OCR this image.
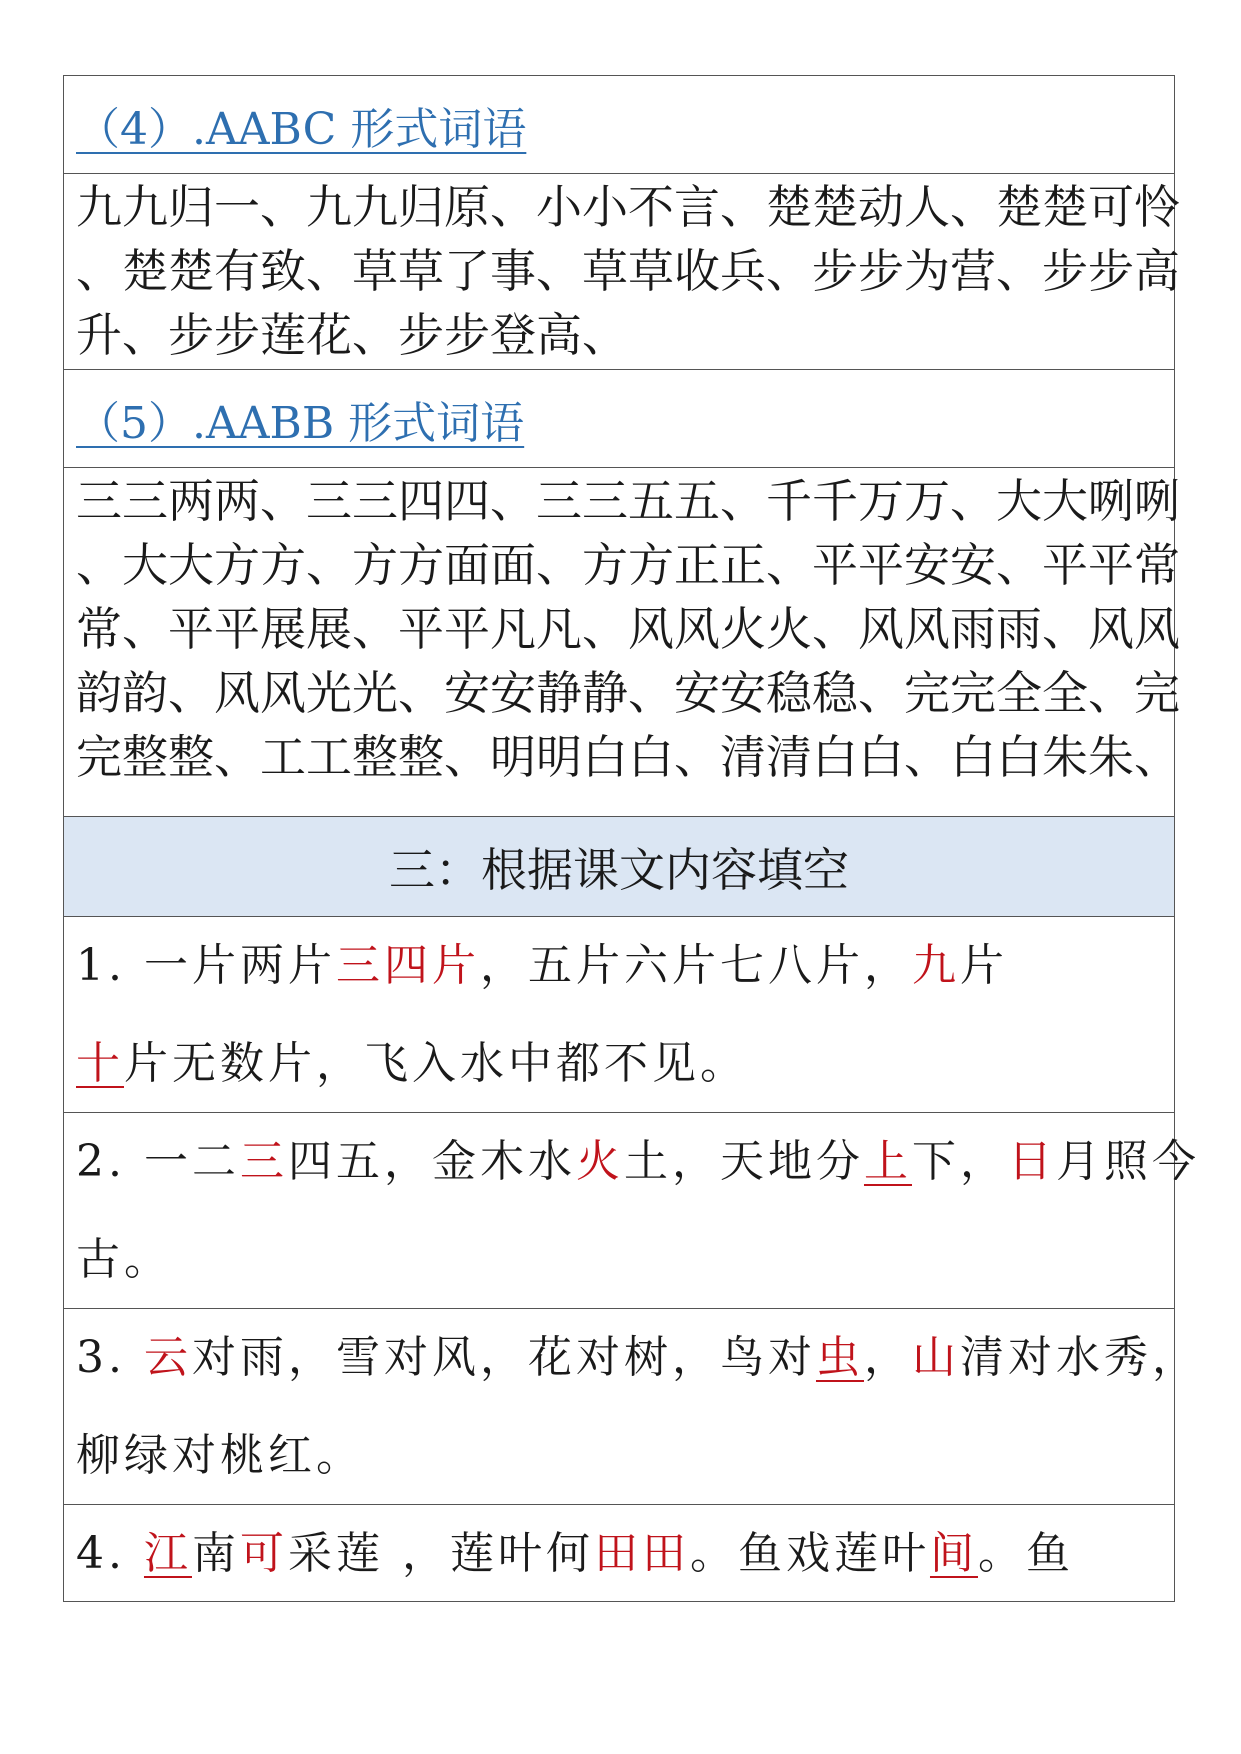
（4）.AABC 形式词语
九九归一、九九归原、小小不言、楚楚动人、楚楚可怜
、楚楚有致、草草了事、草草收兵、步步为营、步步高
升、步步莲花、步步登高、
（5）.AABB 形式词语
三三两两、三三四四、三三五五、千千万万、大大咧咧
、大大方方、方方面面、方方正正、平平安安、平平常
常、平平展展、平平凡凡、风风火火、风风雨雨、风风
韵韵、风风光光、安安静静、安安稳稳、完完全全、完
完整整、工工整整、明明白白、清清白白、白白朱朱、
三：根据课文内容填空
1. 一片两片三四片，五片六片七八片，九片
十片无数片，飞入水中都不见。
2. 一二三四五，金木水火土，天地分上下，日月照今
古。
3. 云对雨，雪对风，花对树，鸟对虫，山清对水秀，
柳绿对桃红。
4. 江南可采莲 ，莲叶何田田。鱼戏莲叶间。鱼
